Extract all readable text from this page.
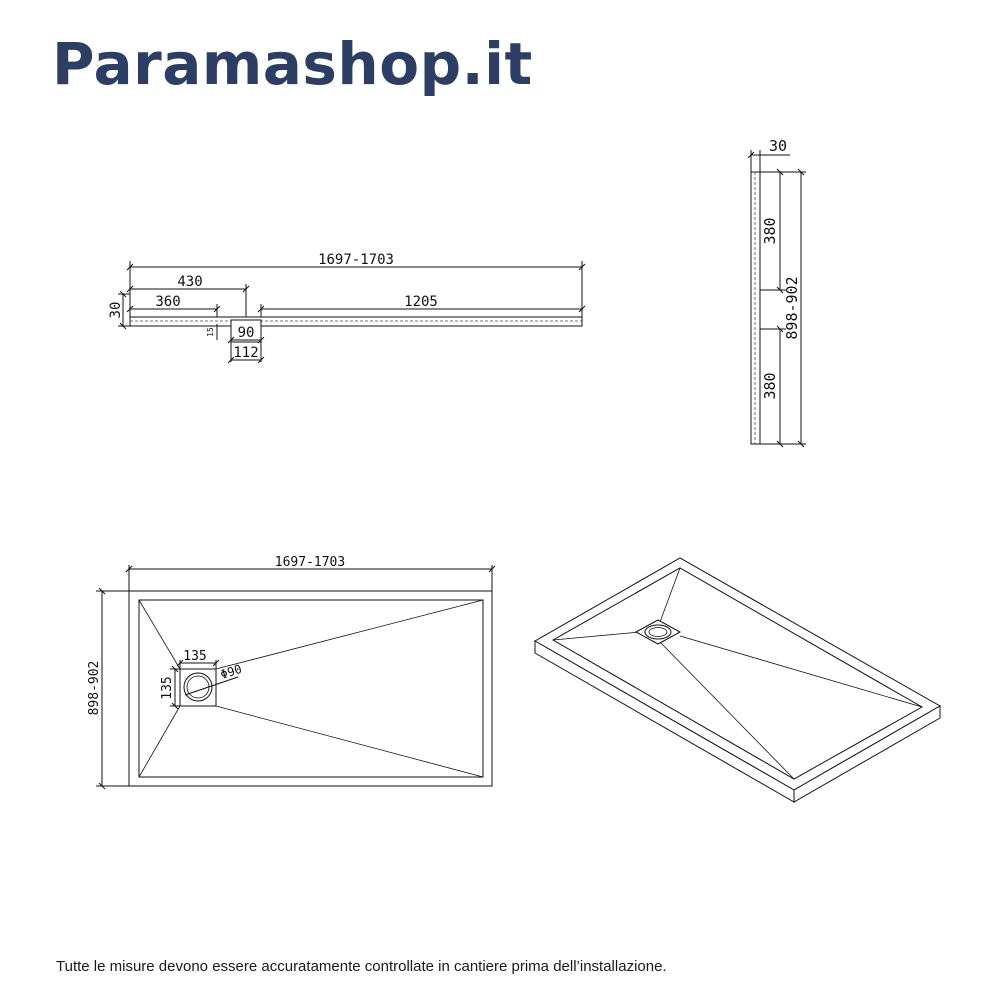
Paramashop.it
1697-1703
430
360	1205
30
15 90
112
30
380
380
898-902
1697-1703
898-902
135
135
Φ90

Tutte le misure devono essere accuratamente controllate in cantiere prima dell’installazione.
